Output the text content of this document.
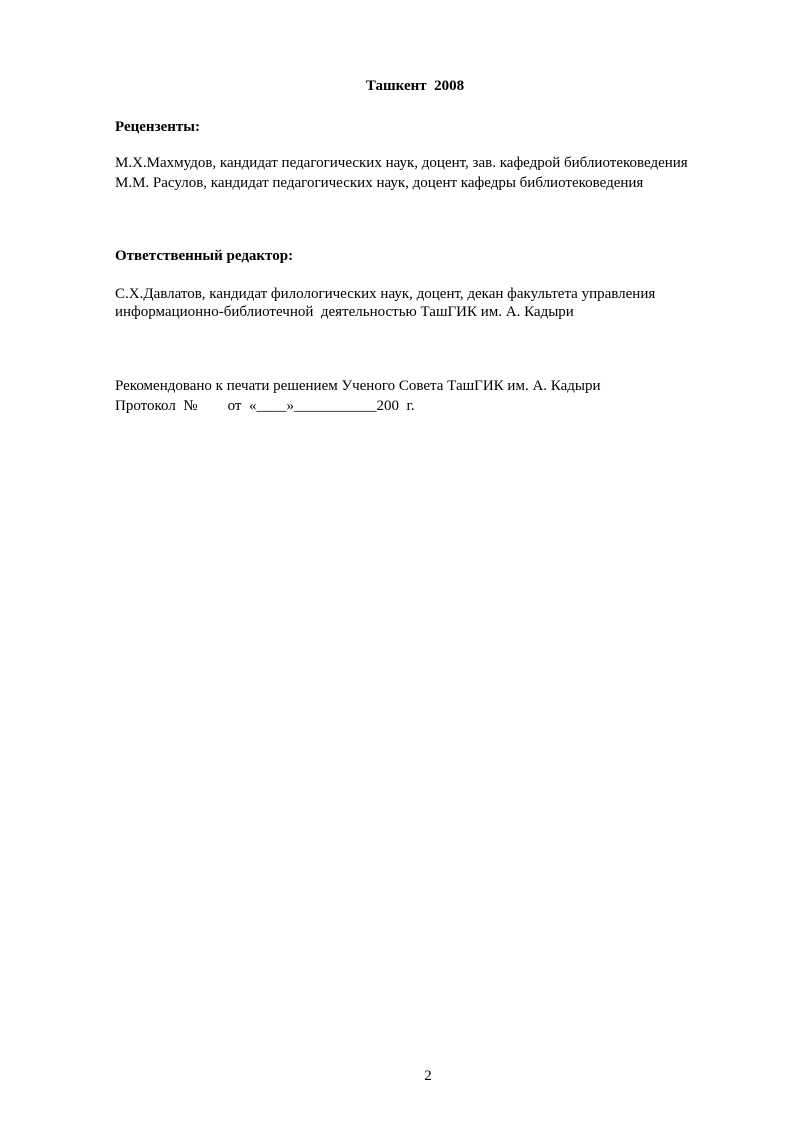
Ташкент  2008
Рецензенты:
М.Х.Махмудов, кандидат педагогических наук, доцент, зав. кафедрой библиотековедения
М.М. Расулов, кандидат педагогических наук, доцент кафедры библиотековедения
Ответственный редактор:
С.Х.Давлатов, кандидат филологических наук, доцент, декан факультета управления
информационно-библиотечной  деятельностью ТашГИК им. А. Кадыри
Рекомендовано к печати решением Ученого Совета ТашГИК им. А. Кадыри
Протокол  №        от  «____»___________200  г.
2
